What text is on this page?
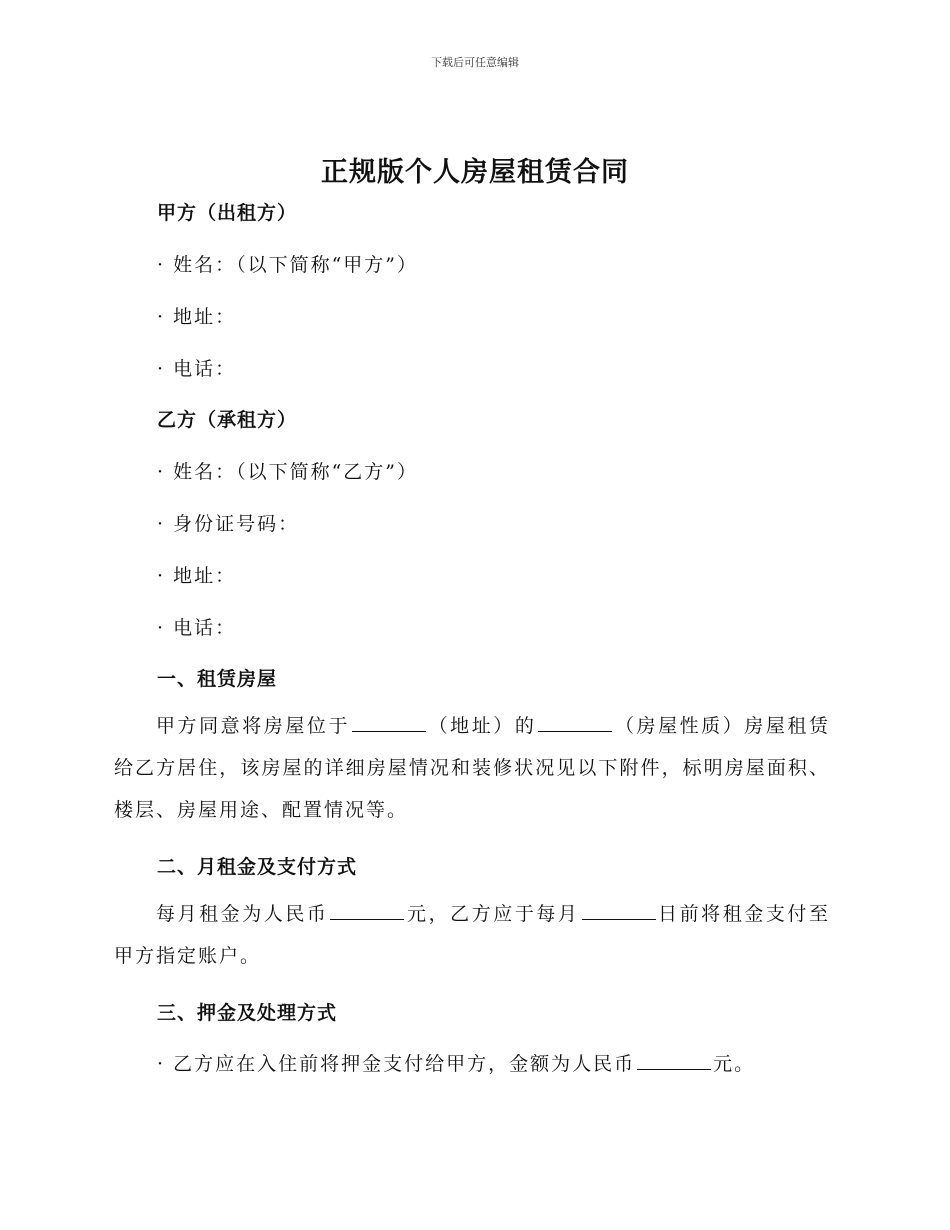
下载后可任意编辑
正规版个人房屋租赁合同
甲方（出租方）
· 姓名：（以下简称“甲方”）
· 地址：
· 电话：
乙方（承租方）
· 姓名：（以下简称“乙方”）
· 身份证号码：
· 地址：
· 电话：
一、租赁房屋
甲方同意将房屋位于	（地址）的	（房屋性质）房屋租赁给乙方居住，该房屋的详细房屋情况和装修状况见以下附件，标明房屋面积、楼层、房屋用途、配置情况等。
二、月租金及支付方式
每月租金为人民币	元，乙方应于每月	日前将租金支付至甲方指定账户。
三、押金及处理方式
· 乙方应在入住前将押金支付给甲方，金额为人民币	元。
